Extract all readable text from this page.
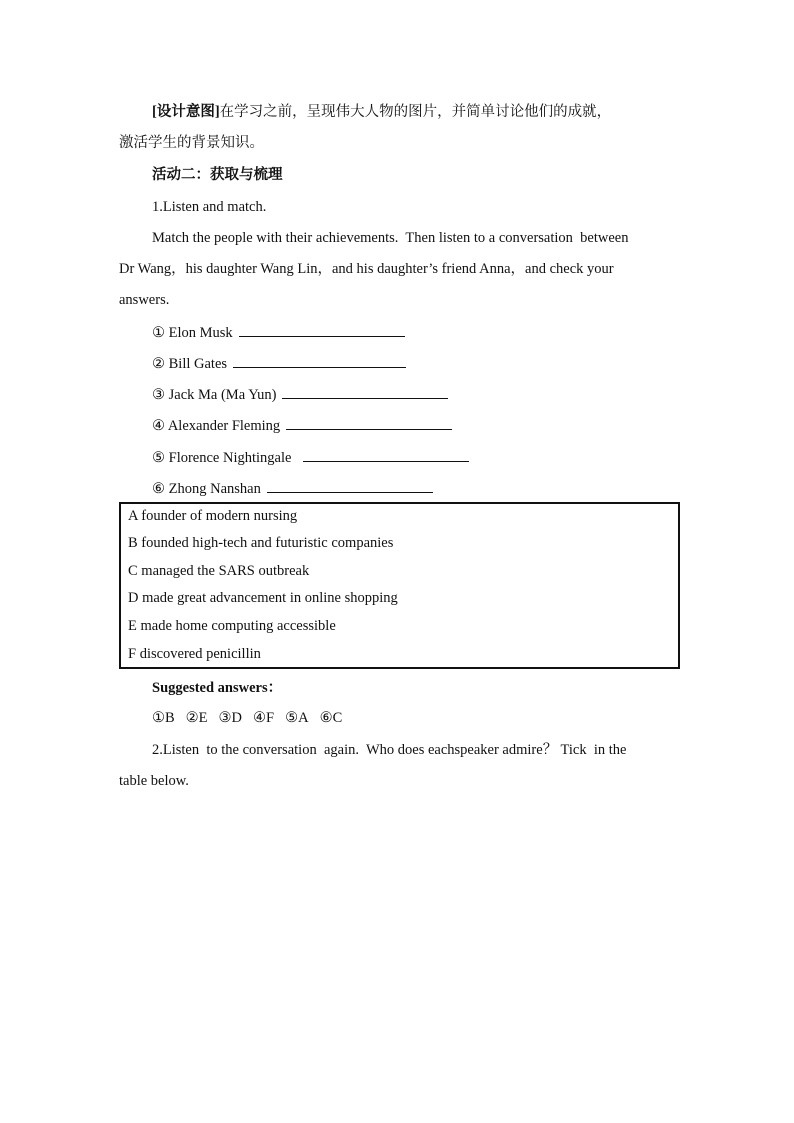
[设计意图]在学习之前，呈现伟大人物的图片，并简单讨论他们的成就，
激活学生的背景知识。
活动二：获取与梳理
1.Listen and match.
Match the people with their achievements.  Then listen to a conversation  between
Dr Wang，his daughter Wang Lin，and his daughter’s friend Anna，and check your
answers.
① Elon Musk
② Bill Gates
③ Jack Ma (Ma Yun)
④ Alexander Fleming
⑤ Florence Nightingale
⑥ Zhong Nanshan
A founder of modern nursing
B founded high-tech and futuristic companies
C managed the SARS outbreak
D made great advancement in online shopping
E made home computing accessible
F discovered penicillin
Suggested answers：
①B ②E ③D ④F ⑤A ⑥C
2.Listen  to the conversation  again.  Who does eachspeaker admire？ Tick  in the
table below.
